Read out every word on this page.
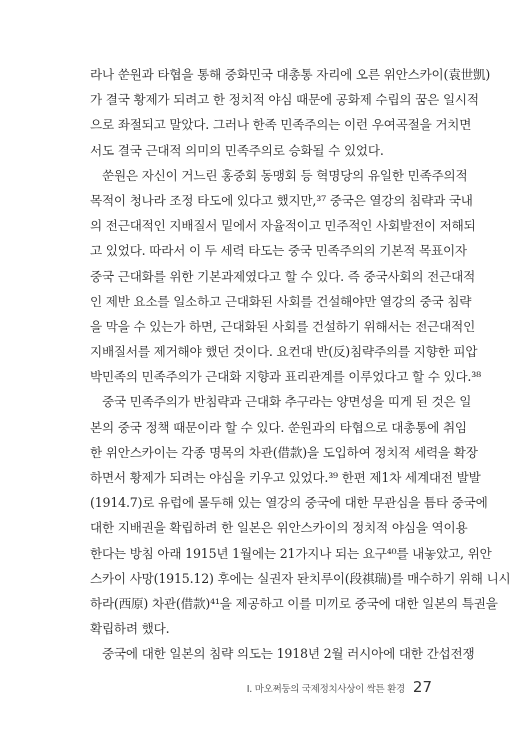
라나 쑨원과 타협을 통해 중화민국 대총통 자리에 오른 위안스카이(袁世凱)
가 결국 황제가 되려고 한 정치적 야심 때문에 공화제 수립의 꿈은 일시적
으로 좌절되고 말았다. 그러나 한족 민족주의는 이런 우여곡절을 거치면
서도 결국 근대적 의미의 민족주의로 승화될 수 있었다.
쑨원은 자신이 거느린 홍중회 동맹회 등 혁명당의 유일한 민족주의적
목적이 청나라 조정 타도에 있다고 했지만,³⁷ 중국은 열강의 침략과 국내
의 전근대적인 지배질서 밑에서 자율적이고 민주적인 사회발전이 저해되
고 있었다. 따라서 이 두 세력 타도는 중국 민족주의의 기본적 목표이자
중국 근대화를 위한 기본과제였다고 할 수 있다. 즉 중국사회의 전근대적
인 제반 요소를 일소하고 근대화된 사회를 건설해야만 열강의 중국 침략
을 막을 수 있는가 하면, 근대화된 사회를 건설하기 위해서는 전근대적인
지배질서를 제거해야 했던 것이다. 요컨대 반(反)침략주의를 지향한 피압
박민족의 민족주의가 근대화 지향과 표리관계를 이루었다고 할 수 있다.³⁸
중국 민족주의가 반침략과 근대화 추구라는 양면성을 띠게 된 것은 일
본의 중국 정책 때문이라 할 수 있다. 쑨원과의 타협으로 대총통에 취임
한 위안스카이는 각종 명목의 차관(借款)을 도입하여 정치적 세력을 확장
하면서 황제가 되려는 야심을 키우고 있었다.³⁹ 한편 제1차 세계대전 발발
(1914.7)로 유럽에 몰두해 있는 열강의 중국에 대한 무관심을 틈타 중국에
대한 지배권을 확립하려 한 일본은 위안스카이의 정치적 야심을 역이용
한다는 방침 아래 1915년 1월에는 21가지나 되는 요구⁴⁰를 내놓았고, 위안
스카이 사망(1915.12) 후에는 실권자 돤치루이(段祺瑞)를 매수하기 위해 니시
하라(西原) 차관(借款)⁴¹을 제공하고 이를 미끼로 중국에 대한 일본의 특권을
확립하려 했다.
중국에 대한 일본의 침략 의도는 1918년 2월 러시아에 대한 간섭전쟁
I. 마오쩌둥의 국제정치사상이 싹튼 환경 27
